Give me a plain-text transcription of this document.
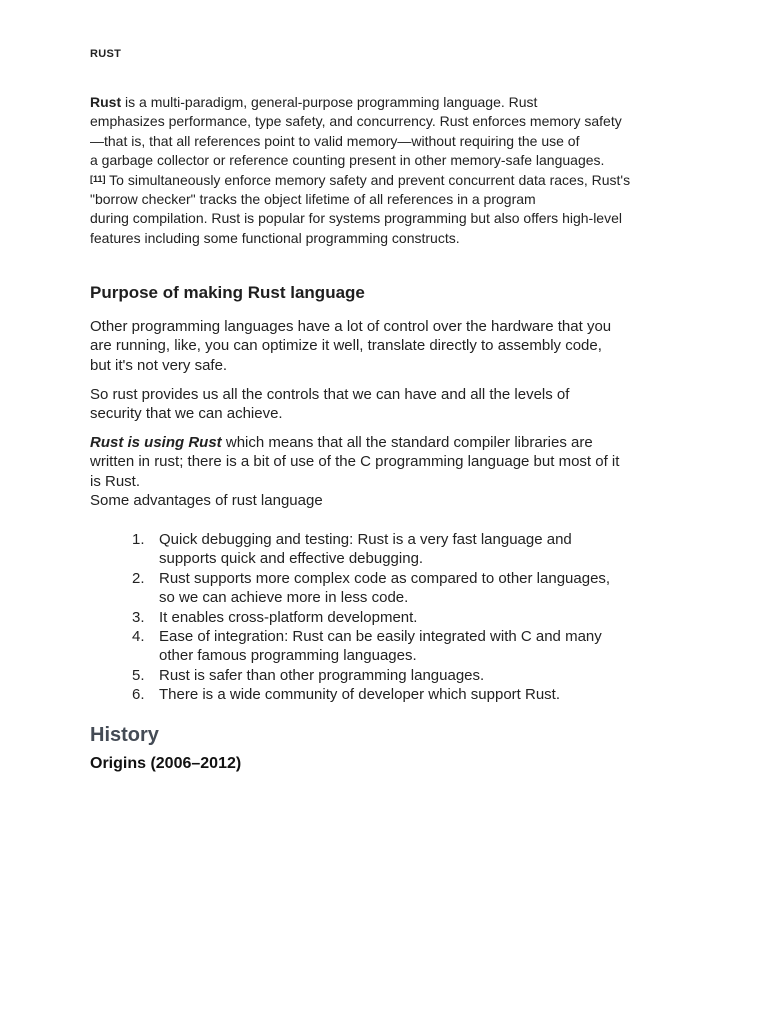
RUST
Rust is a multi-paradigm, general-purpose programming language. Rust
emphasizes performance, type safety, and concurrency. Rust enforces memory safety
—that is, that all references point to valid memory—without requiring the use of
a garbage collector or reference counting present in other memory-safe languages.
[11] To simultaneously enforce memory safety and prevent concurrent data races, Rust's
"borrow checker" tracks the object lifetime of all references in a program
during compilation. Rust is popular for systems programming but also offers high-level
features including some functional programming constructs.
Purpose of making Rust language
Other programming languages have a lot of control over the hardware that you
are running, like, you can optimize it well, translate directly to assembly code,
but it's not very safe.
So rust provides us all the controls that we can have and all the levels of
security that we can achieve.
Rust is using Rust which means that all the standard compiler libraries are
written in rust; there is a bit of use of the C programming language but most of it
is Rust.
Some advantages of rust language
1. Quick debugging and testing: Rust is a very fast language and
supports quick and effective debugging.
2. Rust supports more complex code as compared to other languages,
so we can achieve more in less code.
3. It enables cross-platform development.
4. Ease of integration: Rust can be easily integrated with C and many
other famous programming languages.
5. Rust is safer than other programming languages.
6. There is a wide community of developer which support Rust.
History
Origins (2006–2012)
